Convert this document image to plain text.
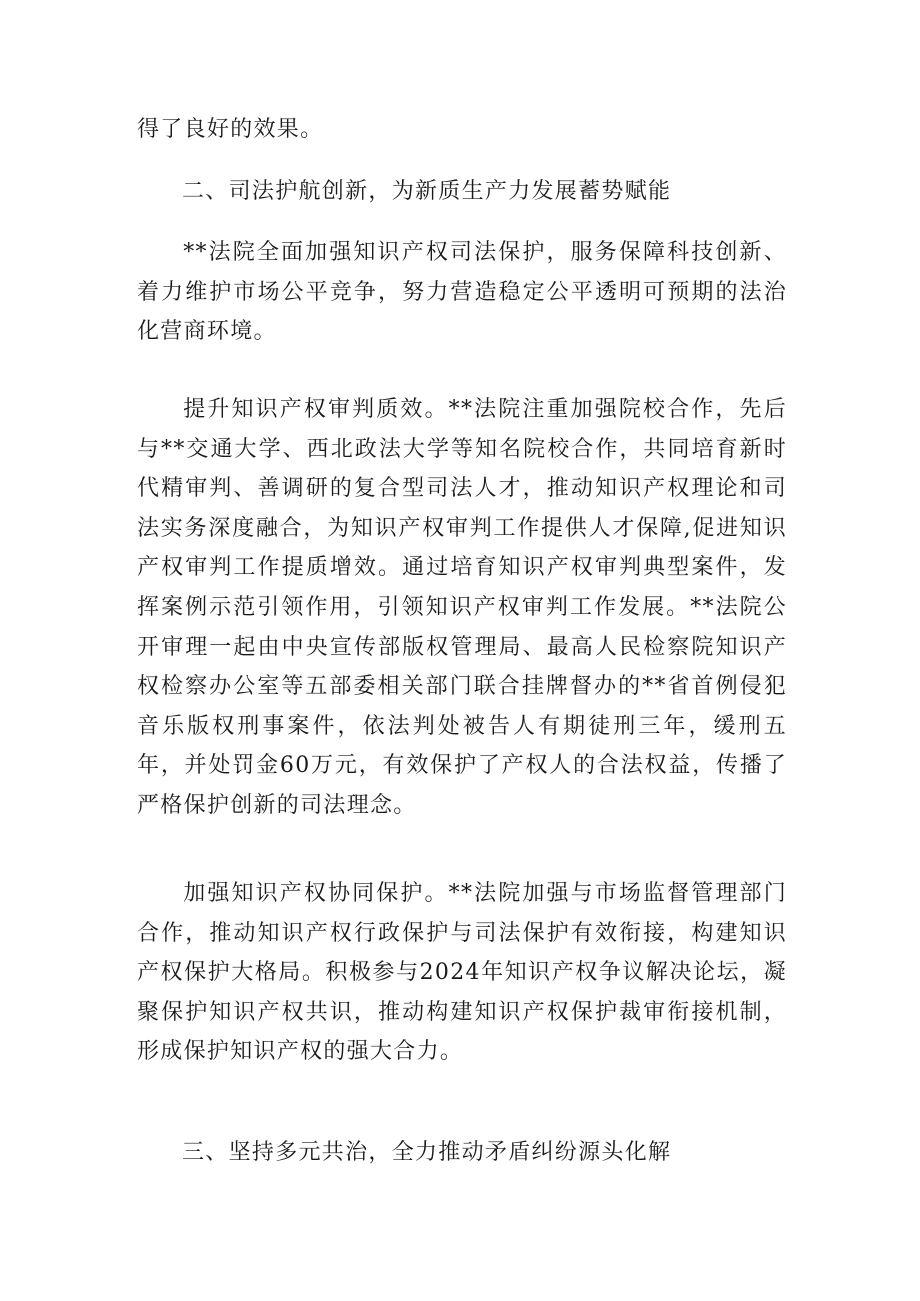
得了良好的效果。

二、司法护航创新，为新质生产力发展蓄势赋能

**法院全面加强知识产权司法保护，服务保障科技创新、着力维护市场公平竞争，努力营造稳定公平透明可预期的法治化营商环境。

提升知识产权审判质效。**法院注重加强院校合作，先后与**交通大学、西北政法大学等知名院校合作，共同培育新时代精审判、善调研的复合型司法人才，推动知识产权理论和司法实务深度融合，为知识产权审判工作提供人才保障,促进知识产权审判工作提质增效。通过培育知识产权审判典型案件，发挥案例示范引领作用，引领知识产权审判工作发展。**法院公开审理一起由中央宣传部版权管理局、最高人民检察院知识产权检察办公室等五部委相关部门联合挂牌督办的**省首例侵犯音乐版权刑事案件，依法判处被告人有期徒刑三年，缓刑五年，并处罚金60万元，有效保护了产权人的合法权益，传播了严格保护创新的司法理念。

加强知识产权协同保护。**法院加强与市场监督管理部门合作，推动知识产权行政保护与司法保护有效衔接，构建知识产权保护大格局。积极参与2024年知识产权争议解决论坛，凝聚保护知识产权共识，推动构建知识产权保护裁审衔接机制，形成保护知识产权的强大合力。

三、坚持多元共治，全力推动矛盾纠纷源头化解
